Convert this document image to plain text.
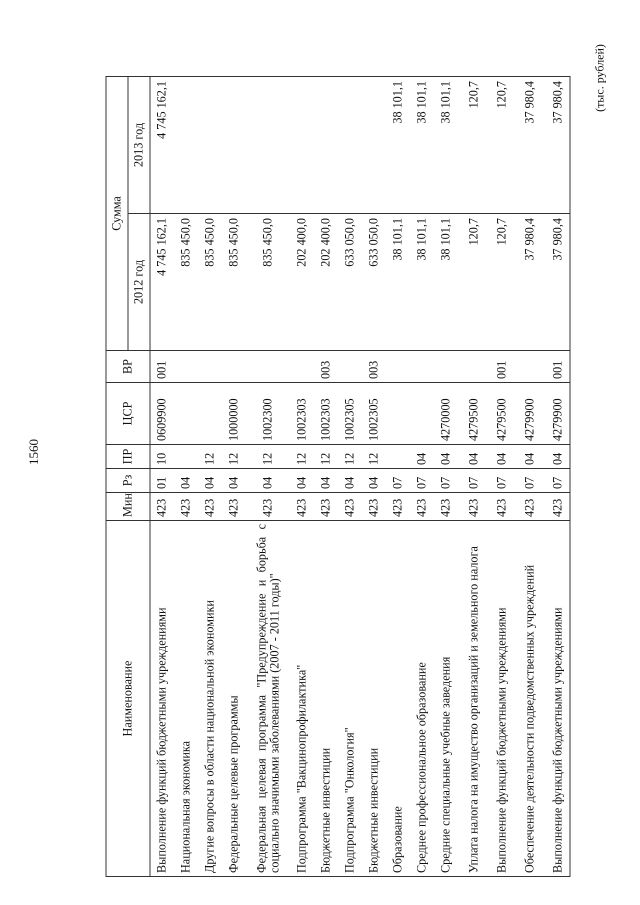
1560
(тыс. рублей)
Наименование	Мин	Рз	ПР	ЦСР	ВР	Сумма	
						2012 год	2013 год
Выполнение функций бюджетными учреждениями	423	01	10	0609900	001	4 745 162,1	4 745 162,1
Национальная экономика	423	04				835 450,0	
Другие вопросы в области национальной экономики	423	04	12			835 450,0	
Федеральные целевые программы	423	04	12	1000000		835 450,0	
Федеральная целевая программа "Предупреждение и борьба с социально значимыми заболеваниями (2007 - 2011 годы)"	423	04	12	1002300		835 450,0	
Подпрограмма "Вакцинопрофилактика"	423	04	12	1002303		202 400,0	
Бюджетные инвестиции	423	04	12	1002303	003	202 400,0	
Подпрограмма "Онкология"	423	04	12	1002305		633 050,0	
Бюджетные инвестиции	423	04	12	1002305	003	633 050,0	
Образование	423	07				38 101,1	38 101,1
Среднее профессиональное образование	423	07	04			38 101,1	38 101,1
Средние специальные учебные заведения	423	07	04	4270000		38 101,1	38 101,1
Уплата налога на имущество организаций и земельного налога	423	07	04	4279500		120,7	120,7
Выполнение функций бюджетными учреждениями	423	07	04	4279500	001	120,7	120,7
Обеспечение деятельности подведомственных учреждений	423	07	04	4279900		37 980,4	37 980,4
Выполнение функций бюджетными учреждениями	423	07	04	4279900	001	37 980,4	37 980,4
